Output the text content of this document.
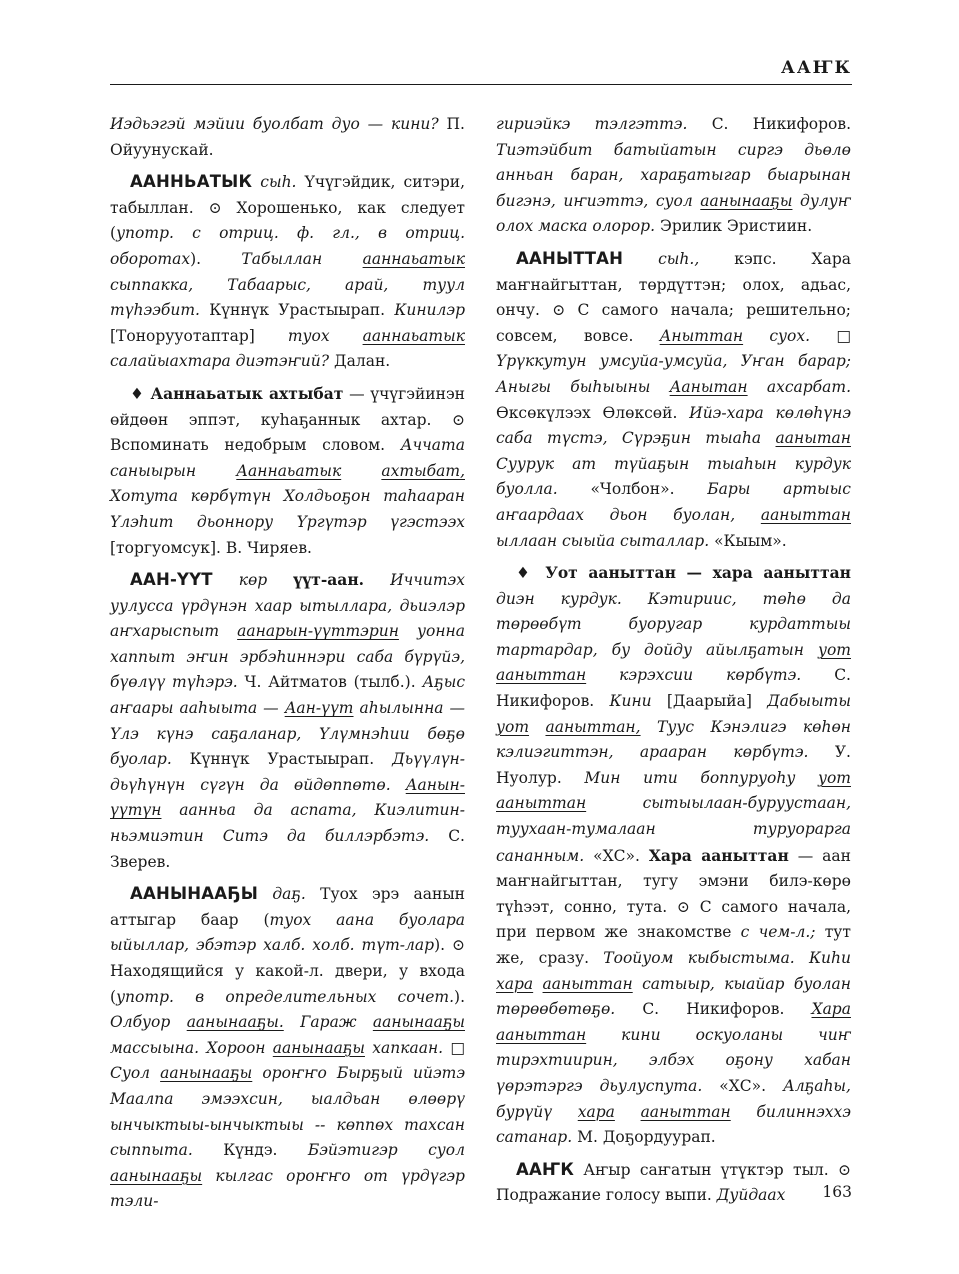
ААҤК

Иэдьэгэй мэйии буолбат дуо — кини? П. Ойуунускай.

ААННЬАТЫК сыһ. Үчүгэйдик, ситэри, табыллан. ⊙ Хорошенько, как следует (употр. с отриц. ф. гл., в отриц. оборотах).	Табыллан	ааннаьатык сыппакка, Табаарыс, арай, туул түһээбит. Күннүк Урастыырап. Кинилэр [Тонорууотаптар] туох ааннаьатык салайыахтара диэтэҥий? Далан.

♦ Ааннаьатык ахтыбат — үчүгэйинэн өйдөөн эппэт, куһаҕаннык ахтар. ⊙ Вспоминать недобрым словом. Аччата саныырын	Ааннаьатык	ахтыбат, Хотута көрбүтүн Холдьоҕон таһааран Үлэһит дьоннору Үргүтэр үгэстээх [торгуомсук]. В. Чиряев.

ААН-ҮҮТ көр үүт-аан. Иччитэх уулусса үрдүнэн хаар ытыллара, дьиэлэр аҥхарыспыт аанарын-үүттэрин уонна хаппыт эҥин эрбэһиннэри саба бүрүйэ, бүөлүү түһэрэ. Ч. Айтматов (тылб.). Аҕыс аҥаары ааһыыта — Аан-үүт аһылынна — Үлэ күнэ саҕаланар, Үлүмнэһии бөҕө буолар. Күннүк Урастыырап. Дьүүлүн-дьүһүнүн сүгүн да өйдөппөтө. Аанын-үүтүн аанньа да аспата, Киэлитин-ньэмиэтин Ситэ да биллэрбэтэ. С. Зверев.

ААНЫНААҔЫ даҕ. Туох эрэ аанын аттыгар баар (туох аана буолара ыйыллар, эбэтэр халб. холб. түт-лар). ⊙ Находящийся у какой-л. двери, у входа (употр. в определительных сочет.). Олбуор аанынааҕы. Гараж аанынааҕы массыына. Хороон аанынааҕы хапкаан. □ Суол аанынааҕы ороҥҥо Бырҕый ийэтэ Маалпа эмээхсин, ыалдьан өлөөрү ынчыктыы-ынчыктыы -- көппөх тахсан сыппыта. Күндэ. Бэйэтигэр суол аанынааҕы кылгас ороҥҥо от үрдүгэр тэли-

гириэйкэ тэлгэттэ. С. Никифоров. Тиэтэйбит батыйатын сиргэ дьөлө анньан баран, хараҕатыгар быарынан бигэнэ, иҥиэттэ, суол аанынааҕы дулуҥ олох маска олорор. Эрилик Эристиин.

ААНЫТТАН сыһ., кэпс. Хара маҥнайгыттан, төрдүттэн; олох, адьас, ончу. ⊙ С самого начала; решительно; совсем, вовсе. Аныттан суох. □ Үрүккутун умсуйа-умсуйа, Уҥан барар; Аныгы быһыыны Аанытан ахсарбат. Өксөкүлээх Өлөксөй. Ийэ-хара көлөһүнэ саба түстэ, Сүрэҕин тыаһа аанытан Суурук ат түйаҕын тыаһын курдук буолла. «Чолбон». Бары артыыс аҥаардаах дьон буолан, ааныттан ыллаан сыыйа сыталлар. «Кыым».

♦ Уот ааныттан — хара ааныттан диэн курдук. Кэтириис, төһө да төрөөбүт буоругар курдаттыы тартардар, бу дойду айылҕатын уот ааныттан кэрэхсии көрбүтэ. С. Никифоров. Кини [Даарыйа] Дабыыты уот ааныттан, Туус Кэнэлигэ көһөн кэлиэгиттэн, арааран көрбүтэ. У. Нуолур. Мин ити боппуруоһу уот ааныттан	сытыылаан-буруустаан, туухаан-тумалаан туруорарга сананным. «ХС». Хара ааныттан — аан маҥнайгыттан, тугу эмэни билэ-көрө түһээт, сонно, тута. ⊙ С самого начала, при первом же знакомстве с чем-л.; тут же, сразу. Тоойуом кыбыстыма. Киһи хара ааныттан сатыыр, кыайар буолан төрөөбөтөҕө. С. Никифоров. Хара ааныттан кини оскуоланы чиҥ тирэхтиирин, элбэх оҕону хабан үөрэтэргэ дьулуспута. «ХС». Алҕаһы, бурүйү хара ааныттан билиннэххэ сатанар. М. Доҕордуурап.

ААҤК Аҥыр саҥатын үтүктэр тыл. ⊙ Подражание голосу выпи. Дуйдаах	163
